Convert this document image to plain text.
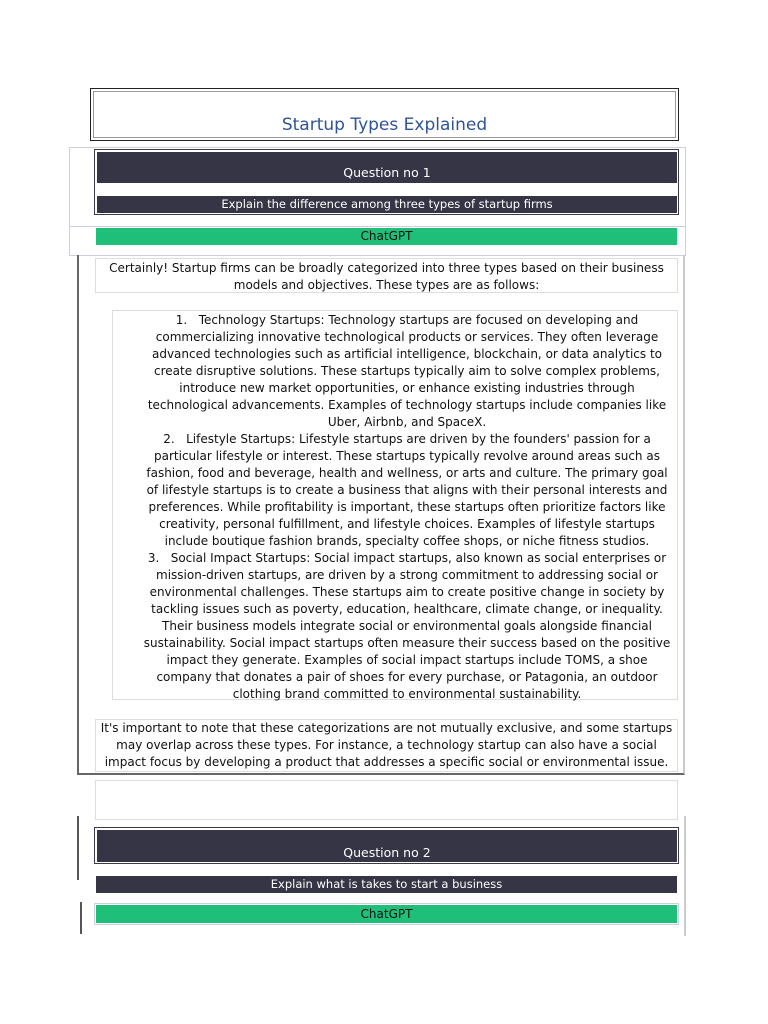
Startup Types Explained
Question no 1
Explain the difference among three types of startup firms
ChatGPT
Certainly! Startup firms can be broadly categorized into three types based on their business models and objectives. These types are as follows:
1. Technology Startups: Technology startups are focused on developing and commercializing innovative technological products or services. They often leverage advanced technologies such as artificial intelligence, blockchain, or data analytics to create disruptive solutions. These startups typically aim to solve complex problems, introduce new market opportunities, or enhance existing industries through technological advancements. Examples of technology startups include companies like Uber, Airbnb, and SpaceX.
2. Lifestyle Startups: Lifestyle startups are driven by the founders' passion for a particular lifestyle or interest. These startups typically revolve around areas such as fashion, food and beverage, health and wellness, or arts and culture. The primary goal of lifestyle startups is to create a business that aligns with their personal interests and preferences. While profitability is important, these startups often prioritize factors like creativity, personal fulfillment, and lifestyle choices. Examples of lifestyle startups include boutique fashion brands, specialty coffee shops, or niche fitness studios.
3. Social Impact Startups: Social impact startups, also known as social enterprises or mission-driven startups, are driven by a strong commitment to addressing social or environmental challenges. These startups aim to create positive change in society by tackling issues such as poverty, education, healthcare, climate change, or inequality. Their business models integrate social or environmental goals alongside financial sustainability. Social impact startups often measure their success based on the positive impact they generate. Examples of social impact startups include TOMS, a shoe company that donates a pair of shoes for every purchase, or Patagonia, an outdoor clothing brand committed to environmental sustainability.
It's important to note that these categorizations are not mutually exclusive, and some startups may overlap across these types. For instance, a technology startup can also have a social impact focus by developing a product that addresses a specific social or environmental issue.
Question no 2
Explain what is takes to start a business
ChatGPT
